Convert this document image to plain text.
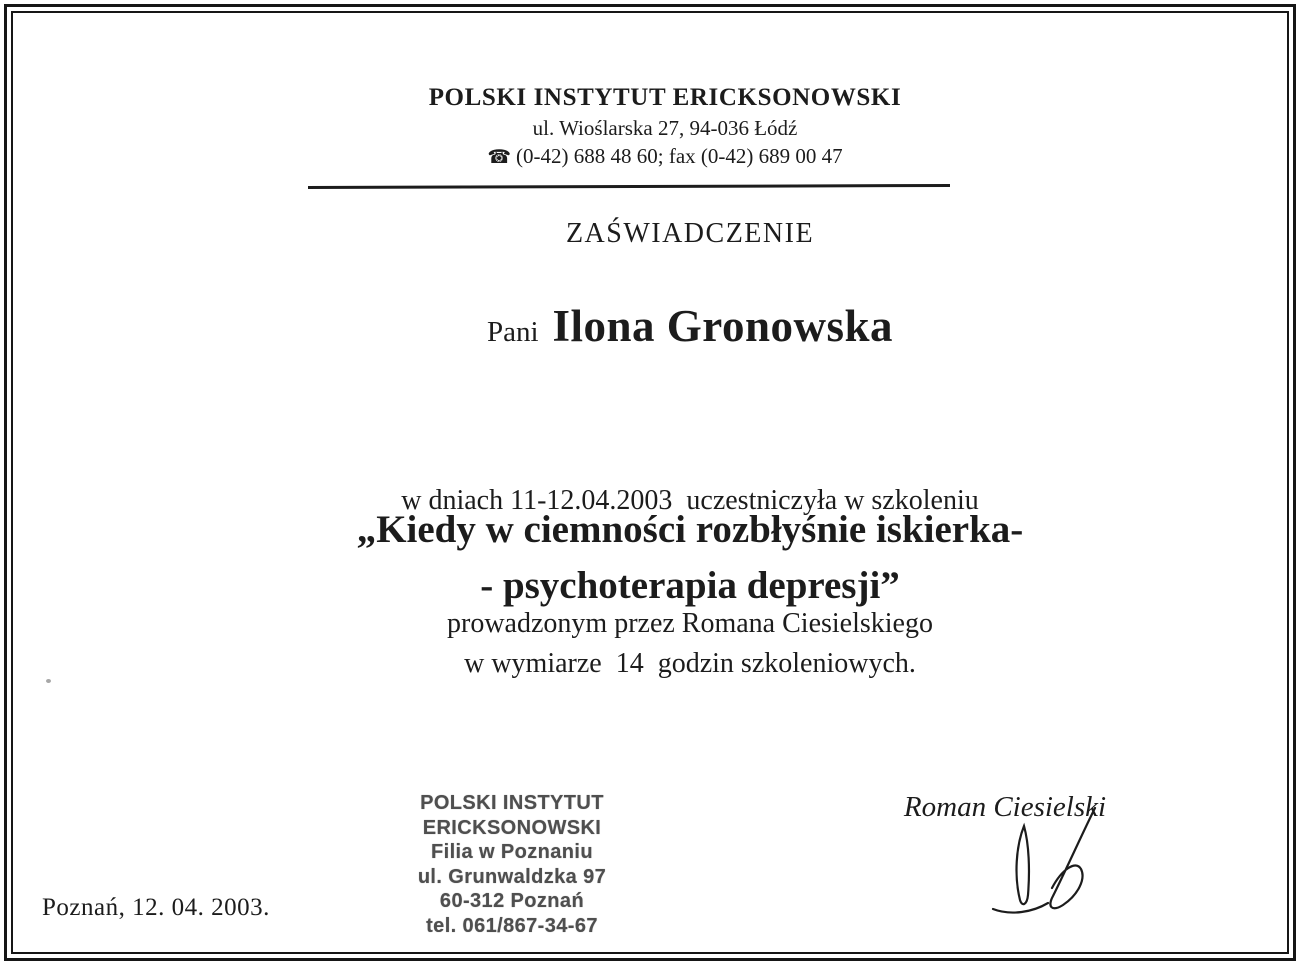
POLSKI INSTYTUT ERICKSONOWSKI
ul. Wioślarska 27, 94-036 Łódź
☎ (0-42) 688 48 60; fax (0-42) 689 00 47
ZAŚWIADCZENIE
Pani Ilona Gronowska

w dniach 11-12.04.2003  uczestniczyła w szkoleniu

prowadzonym przez Romana Ciesielskiego

„Kiedy w ciemności rozbłyśnie iskierka-
- psychoterapia depresji”
w wymiarze  14  godzin szkoleniowych.
POLSKI INSTYTUT ERICKSONOWSKI
Filia w Poznaniu
ul. Grunwaldzka 97
60-312 Poznań
tel. 061/867-34-67
Roman Ciesielski
Poznań, 12. 04. 2003.
